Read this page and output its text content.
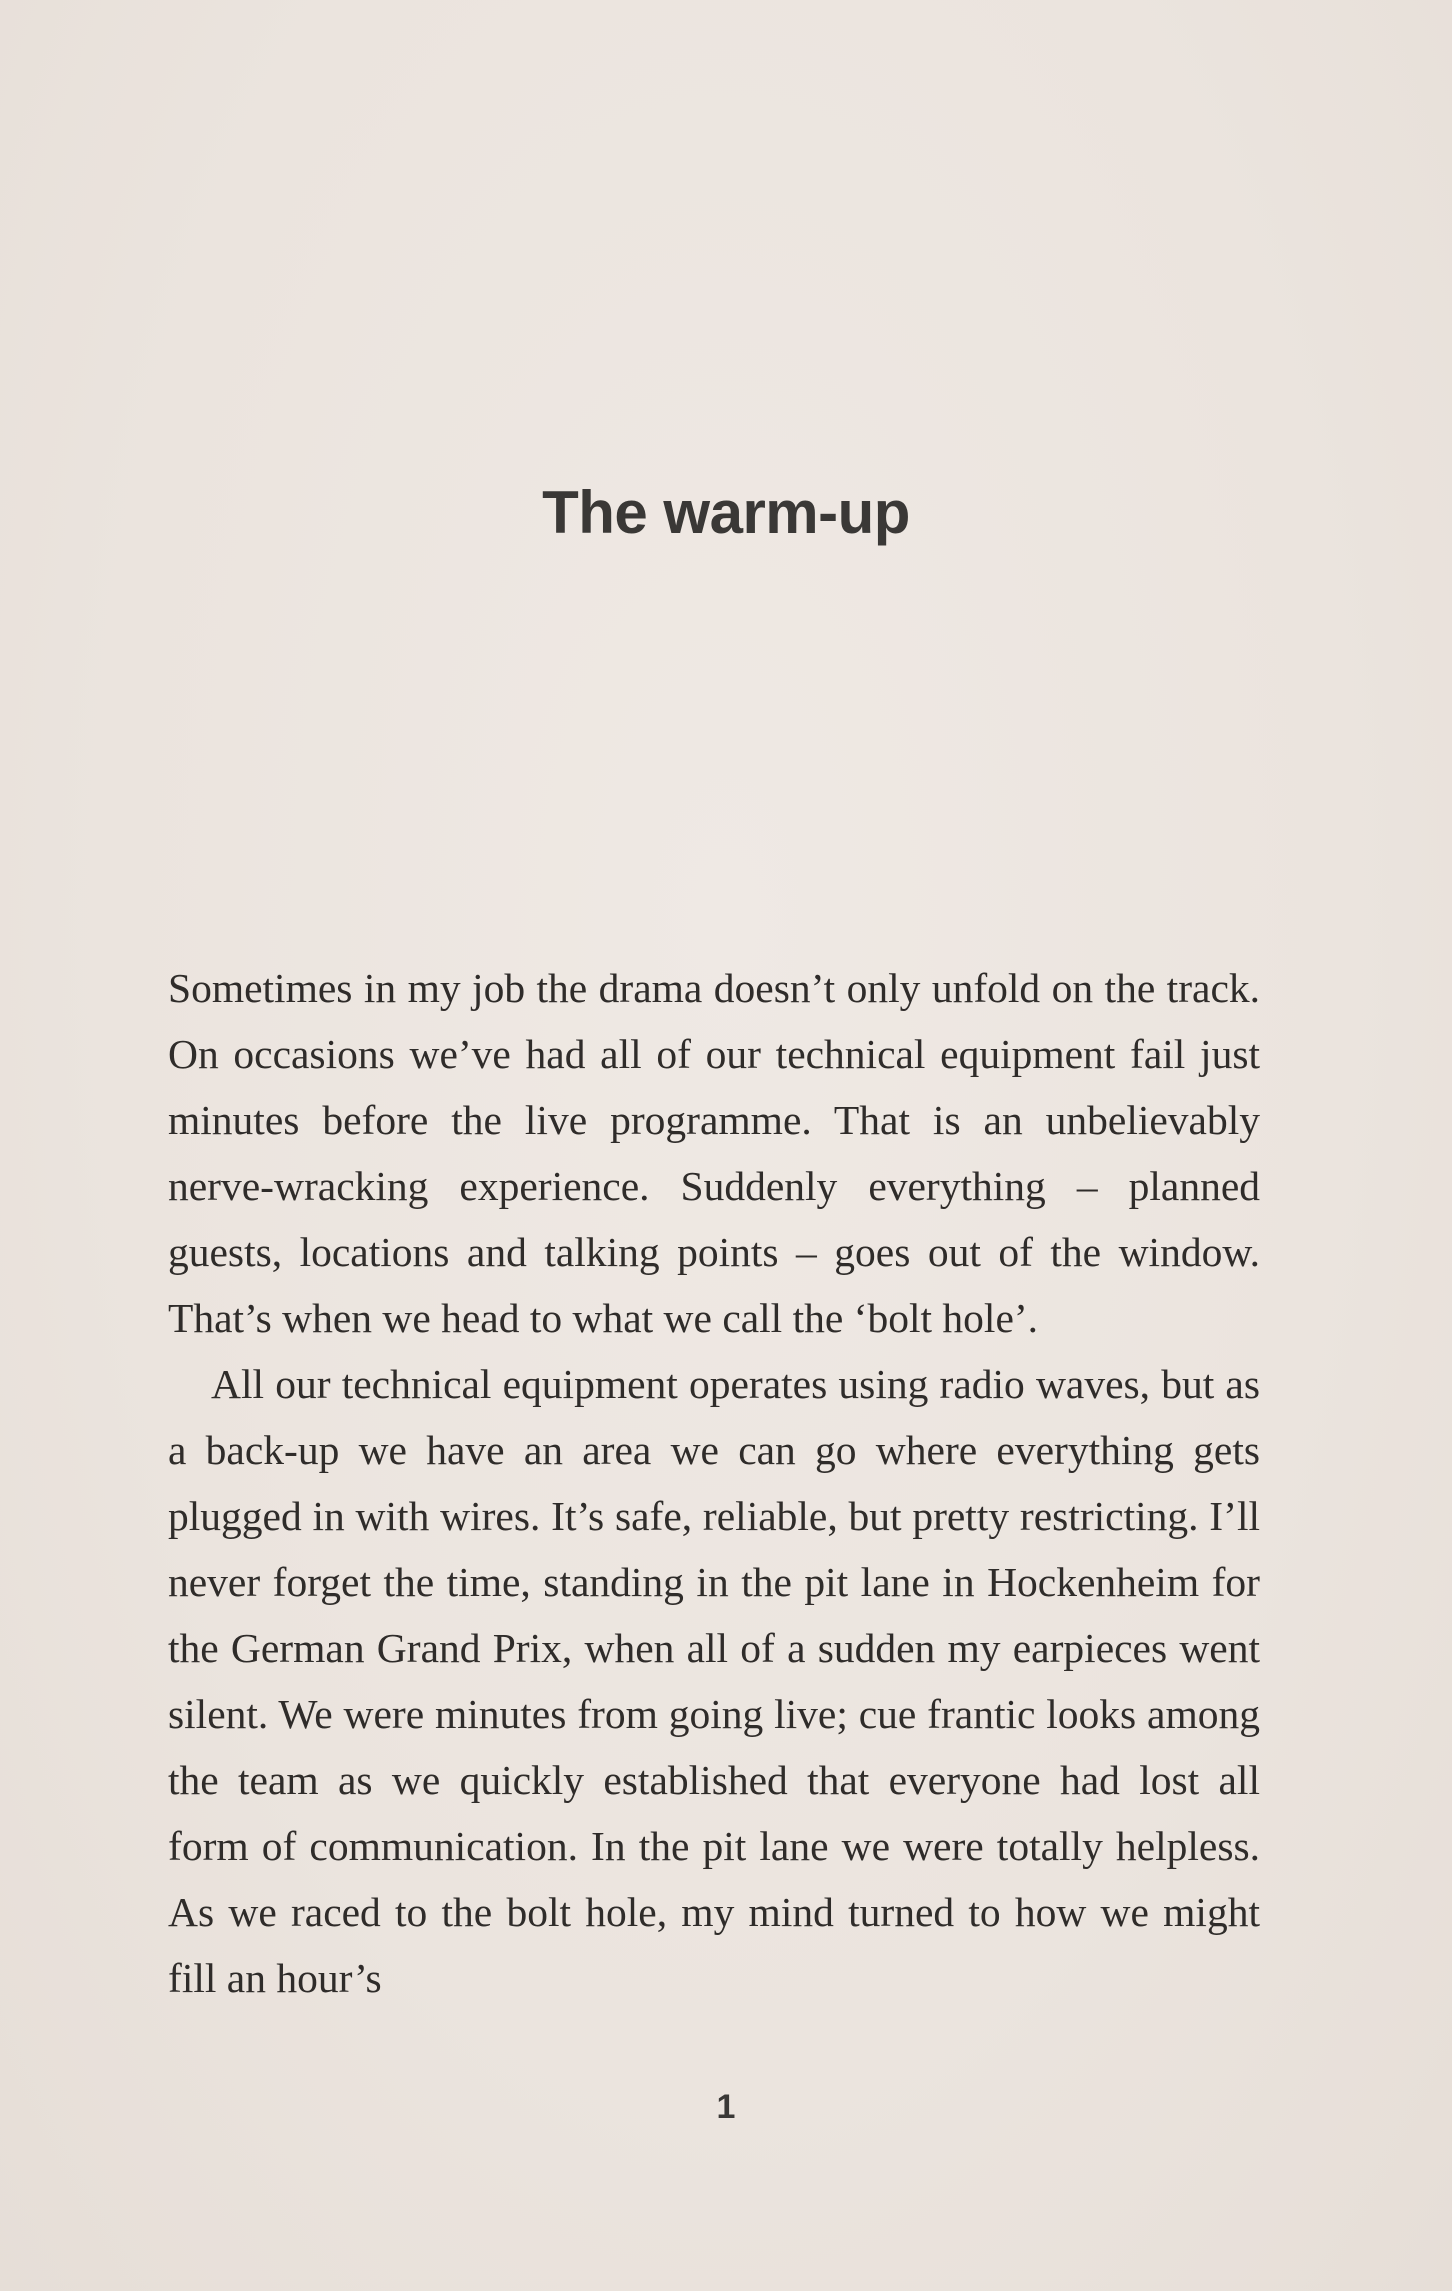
The warm-up

Sometimes in my job the drama doesn’t only unfold on the track. On occasions we’ve had all of our technical equipment fail just minutes before the live programme. That is an unbelievably nerve-wracking experience. Suddenly everything – planned guests, locations and talking points – goes out of the window. That’s when we head to what we call the ‘bolt hole’.

All our technical equipment operates using radio waves, but as a back-up we have an area we can go where everything gets plugged in with wires. It’s safe, reliable, but pretty restricting. I’ll never forget the time, standing in the pit lane in Hockenheim for the German Grand Prix, when all of a sudden my earpieces went silent. We were minutes from going live; cue frantic looks among the team as we quickly established that everyone had lost all form of communication. In the pit lane we were totally helpless. As we raced to the bolt hole, my mind turned to how we might fill an hour’s

1
